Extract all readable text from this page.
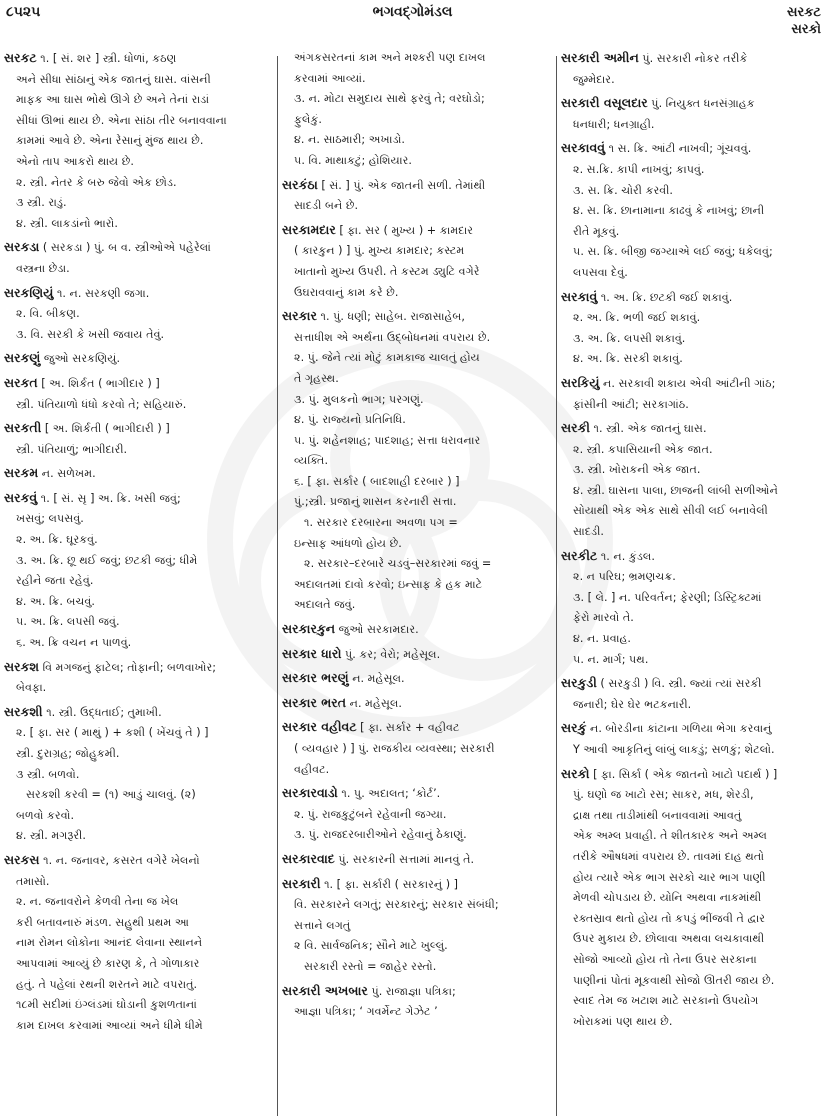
૮૫૨૫	ભગવદ્ગોમંડલ	સરકટ
સરકો
સરકટ ૧. [ સં. શર ] સ્ત્રી. ધોળાં, કઠણ
અને સીધા સાંઠાનું એક જાતનું ઘાસ. વાંસની
માફક આ ઘાસ ભોથે ઊગે છે અને તેનાં રાડાં
સીધાં ઊભાં થાય છે. એના સાંઠા તીર બનાવવાના
કામમાં આવે છે. એના રેસાનું મુંજ થાય છે.
એનો તાપ આકરો થાય છે.
૨. સ્ત્રી. નેતર કે બરુ જેવો એક છોડ.
૩ સ્ત્રી. રાડું.
૪. સ્ત્રી. લાકડાંનો ભારો.
સરકડા ( સરકડા ) પું. બ વ. સ્ત્રીઓએ પહેરેલાં
વસ્ત્રના છેડા.
સરકણિયું ૧. ન. સરકણી જગા.
૨. વિ. બીકણ.
૩. વિ. સરકી કે ખસી જવાય તેવું.
સરકણું જુઓ સરકણિયું.
સરકત [ અ. શિર્કત ( ભાગીદાર ) ]
સ્ત્રી. પંતિયાળો ધંધો કરવો તે; સહિયારું.
સરકતી [ અ. શિર્કતી ( ભાગીદારી ) ]
સ્ત્રી. પંતિયાળું; ભાગીદારી.
સરકમ ન. સળેખમ.
સરકવું ૧. [ સં. સૃ ] અ. ક્રિ. ખસી જવું;
ખસવું; લપસવું.
૨. અ. ક્રિ. ઘૂરકવું.
૩. અ. ક્રિ. છૂ થઈ જવું; છટકી જવું; ધીમે
રહીને જતા રહેવું.
૪. અ. ક્રિ. બચવું.
૫. અ. ક્રિ. લપસી જવું.
૬. અ. ક્રિ વચન ન પાળવું.
સરકશ વિ મગજનું ફાટેલ; તોફાની; બળવાખોર;
બેવફા.
સરકશી ૧. સ્ત્રી. ઉદ્ધતાઈ; તુમાખી.
૨. [ ફા. સર ( માથું ) + કશી ( ખેંચવું તે ) ]
સ્ત્રી. દુરાગ્રહ; જોહુકમી.
૩ સ્ત્રી. બળવો.
સરકશી કરવી = (૧) આડું ચાલવું. (૨)
બળવો કરવો.
૪. સ્ત્રી. મગરૂરી.
સરકસ ૧. ન. જનાવર, કસરત વગેરે ખેલનો
તમાસો.
૨. ન. જનાવરોને કેળવી તેના જ ખેલ
કરી બતાવનારું મંડળ. સહુથી પ્રથમ આ
નામ રોમન લોકોના આનંદ લેવાના સ્થાનને
આપવામાં આવ્યું છે કારણ કે, તે ગોળાકાર
હતું. તે પહેલાં રથની શરતને માટે વપરાતું.
૧૮મી સદીમાં ઇંગ્લંડમાં ઘોડાની કુશળતાનાં
કામ દાખલ કરવામાં આવ્યાં અને ધીમે ધીમે
અંગકસરતનાં કામ અને મશ્કરી પણ દાખલ
કરવામાં આવ્યાં.
૩. ન. મોટા સમુદાય સાથે ફરવું તે; વરઘોડો;
ફુલેકું.
૪. ન. સાઠમારી; અખાડો.
૫. વિ. માથાકટું; હોશિયાર.
સરકંઠા [ સં. ] પું. એક જાતની સળી. તેમાંથી
સાદડી બને છે.
સરકામદાર [ ફા. સર ( મુખ્ય ) + કામદાર
( કારકુન ) ] પું. મુખ્ય કામદાર; કસ્ટમ
ખાતાનો મુખ્ય ઉપરી. તે કસ્ટમ ડ્યુટિ વગેરે
ઉઘરાવવાનું કામ કરે છે.
સરકાર ૧. પું. ધણી; સાહેબ. રાજાસાહેબ,
સત્તાધીશ એ અર્થના ઉદ્બોધનમાં વપરાય છે.
૨. પું. જેને ત્યાં મોટું કામકાજ ચાલતું હોય
તે ગૃહસ્થ.
૩. પું. મુલકનો ભાગ; પરગણું.
૪. પું. રાજ્યનો પ્રતિનિધિ.
૫. પું. શહેનશાહ; પાદશાહ; સત્તા ધરાવનાર
વ્યક્તિ.
૬. [ ફા. સર્કાર ( બાદશાહી દરબાર ) ]
પું.;સ્ત્રી. પ્રજાનું શાસન કરનારી સત્તા.
૧. સરકાર દરબારના અવળા પગ =
ઇન્સાફ આંધળો હોય છે.
૨. સરકાર–દરબારે ચડવું–સરકારમાં જવું =
અદાલતમાં દાવો કરવો; ઇન્સાફ કે હક માટે
અદાલતે જવું.
સરકારકુન જુઓ સરકામદાર.
સરકાર ધારો પું. કર; વેરો; મહેસૂલ.
સરકાર ભરણું ન. મહેસૂલ.
સરકાર ભરત ન. મહેસૂલ.
સરકાર વહીવટ [ ફા. સર્કાર + વહીવટ
( વ્યવહાર ) ] પું. રાજકીય વ્યવસ્થા; સરકારી
વહીવટ.
સરકારવાડો ૧. પુ. અદાલત; ‘કોર્ટ’.
૨. પું. રાજકુટુંબને રહેવાની જગ્યા.
૩. પું. રાજદરબારીઓને રહેવાનું ઠેકાણું.
સરકારવાદ પું. સરકારની સત્તામાં માનવું તે.
સરકારી ૧. [ ફા. સર્કારી ( સરકારનું ) ]
વિ. સરકારને લગતું; સરકારનું; સરકાર સંબંધી;
સત્તાને લગતું
૨ વિ. સાર્વજનિક; સૌને માટે ખુલ્લું.
સરકારી રસ્તો = જાહેર રસ્તો.
સરકારી અખબાર પું. રાજાજ્ઞા પત્રિકા;
આજ્ઞા પત્રિકા; ‘ ગવર્મેન્ટ ગેઝેટ ’
સરકારી અમીન પું. સરકારી નોકર તરીકે
જુમ્મેદાર.
સરકારી વસૂલદાર પું. નિયુક્ત ધનસંગ્રાહક
ધનધારી; ધનગ્રાહી.
સરકાવવું ૧ સ. ક્રિ. આંટી નાખવી; ગૂંચવવું.
૨. સ.ક્રિ. કાપી નાખવું; કાપવું.
૩. સ. ક્રિ. ચોરી કરવી.
૪. સ. ક્રિ. છાનામાના કાઢવું કે નાખવું; છાની
રીતે મૂકવું.
૫. સ. ક્રિ. બીજી જગ્યાએ લઈ જવું; ધકેલવું;
લપસવા દેવું.
સરકાવું ૧. અ. ક્રિ. છટકી જઈ શકાવું.
૨. અ. ક્રિ. ભળી જઈ શકાવું.
૩. અ. ક્રિ. લપસી શકાવું.
૪. અ. ક્રિ. સરકી શકાવું.
સરકિયું ન. સરકાવી શકાય એવી આંટીની ગાંઠ;
ફાંસીની આંટી; સરકાગાંઠ.
સરકી ૧. સ્ત્રી. એક જાતનું ઘાસ.
૨. સ્ત્રી. કપાસિયાની એક જાત.
૩. સ્ત્રી. ખોરાકની એક જાત.
૪. સ્ત્રી. ઘાસના પાલા, છાજની લાંબી સળીઓને
સોયાથી એક એક સાથે સીવી લઈ બનાવેલી
સાદડી.
સરકીટ ૧. ન. કુંડલ.
૨. ન પરિઘ; ભ્રમણચક્ર.
૩. [ લે. ] ન. પરિવર્તન; ફેરણી; ડિસ્ટ્રિક્ટમાં
ફેરો મારવો તે.
૪. ન. પ્રવાહ.
૫. ન. માર્ગ; પથ.
સરકુડી ( સરકુડી ) વિ. સ્ત્રી. જ્યાં ત્યાં સરકી
જનારી; ઘેર ઘેર ભટકનારી.
સરકું ન. બોરડીના કાંટાના ગળિયા ભેગા કરવાનું
Y આવી આકૃતિનું લાંબું લાકડું; સળકું; શેટલો.
સરકો [ ફા. સિર્કા ( એક જાતનો ખાટો પદાર્થ ) ]
પું. ઘણો જ ખાટો રસ; સાકર, મધ, શેરડી,
દ્રાક્ષ તથા તાડીમાંથી બનાવવામાં આવતું
એક અમ્લ પ્રવાહી. તે શીતકારક અને અમ્લ
તરીકે ઔષધમાં વપરાય છે. તાવમાં દાહ થતો
હોય ત્યારે એક ભાગ સરકો ચાર ભાગ પાણી
મેળવી ચોપડાય છે. યોનિ અથવા નાકમાંથી
રક્તસ્રાવ થતો હોય તો કપડું ભીંજવી તે દ્વાર
ઉપર મુકાય છે. છોલાવા અથવા લચકાવાથી
સોજો આવ્યો હોય તો તેના ઉપર સરકાના
પાણીનાં પોતાં મૂકવાથી સોજો ઊતરી જાય છે.
સ્વાદ તેમ જ ખટાશ માટે સરકાનો ઉપયોગ
ખોરાકમાં પણ થાય છે.
